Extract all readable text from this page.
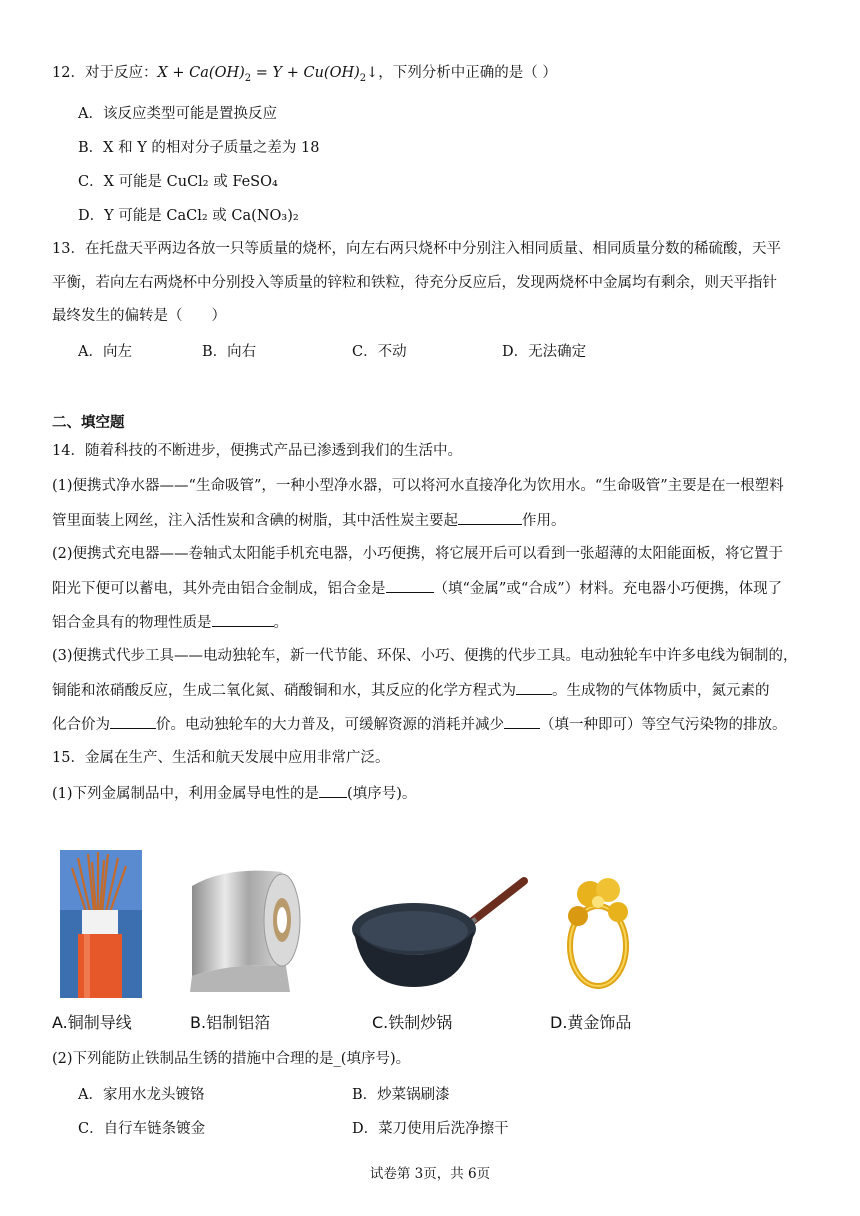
12．对于反应：$X + Ca(OH)_2 = Y$ + $Cu(OH)_2↓$，下列分析中正确的是（ ）
A．该反应类型可能是置换反应
B．X 和 Y 的相对分子质量之差为 18
C．X 可能是 CuCl₂ 或 FeSO₄
D．Y 可能是 CaCl₂ 或 Ca(NO₃)₂
13．在托盘天平两边各放一只等质量的烧杯，向左右两只烧杯中分别注入相同质量、相同质量分数的稀硫酸，天平
平衡，若向左右两烧杯中分别投入等质量的锌粒和铁粒，待充分反应后，发现两烧杯中金属均有剩余，则天平指针
最终发生的偏转是（　　）
A．向左	B．向右	C．不动	D．无法确定
二、填空题
14．随着科技的不断进步，便携式产品已渗透到我们的生活中。
(1)便携式净水器——“生命吸管”，一种小型净水器，可以将河水直接净化为饮用水。“生命吸管”主要是在一根塑料
管里面装上网丝，注入活性炭和含碘的树脂，其中活性炭主要起	作用。
(2)便携式充电器——卷轴式太阳能手机充电器，小巧便携，将它展开后可以看到一张超薄的太阳能面板，将它置于
阳光下便可以蓄电，其外壳由铝合金制成，铝合金是	（填“金属”或“合成”）材料。充电器小巧便携，体现了
铝合金具有的物理性质是	。
(3)便携式代步工具——电动独轮车，新一代节能、环保、小巧、便携的代步工具。电动独轮车中许多电线为铜制的，
铜能和浓硝酸反应，生成二氧化氮、硝酸铜和水，其反应的化学方程式为 。生成物的气体物质中，氮元素的
化合价为	价。电动独轮车的大力普及，可缓解资源的消耗并减少 （填一种即可）等空气污染物的排放。
15．金属在生产、生活和航天发展中应用非常广泛。
(1)下列金属制品中，利用金属导电性的是 (填序号)。
A.铜制导线	B.铝制铝箔	C.铁制炒锅	D.黄金饰品
(2)下列能防止铁制品生锈的措施中合理的是_(填序号)。
A．家用水龙头镀铬	B．炒菜锅刷漆
C．自行车链条镀金	D．菜刀使用后洗净擦干
试卷第 3页，共 6页
